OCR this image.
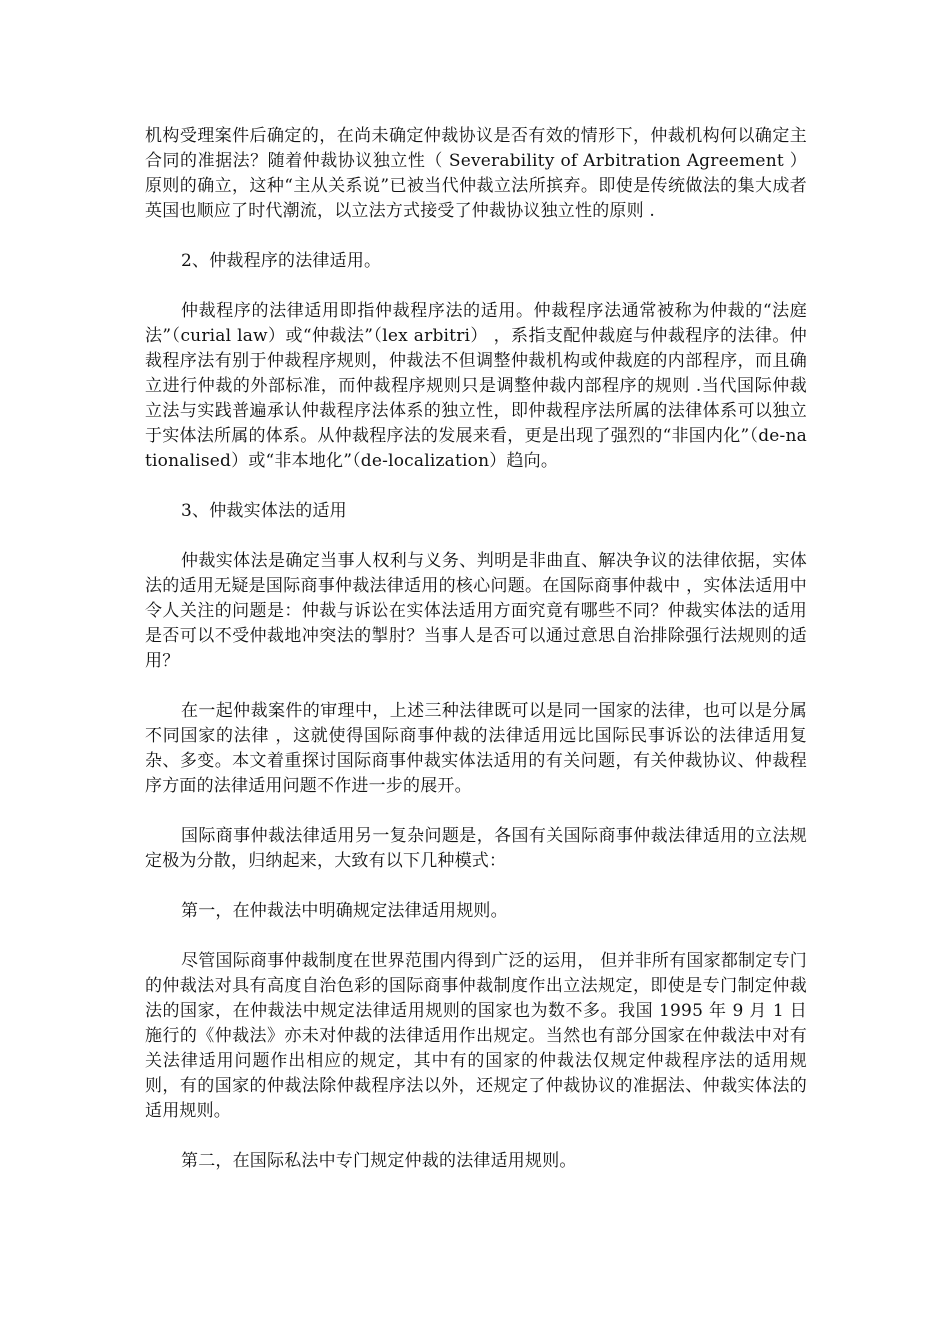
机构受理案件后确定的，在尚未确定仲裁协议是否有效的情形下，仲裁机构何以确定主合同的准据法？随着仲裁协议独立性（ Severability of Arbitration Agreement ）原则的确立，这种“主从关系说”已被当代仲裁立法所摈弃。即使是传统做法的集大成者英国也顺应了时代潮流，以立法方式接受了仲裁协议独立性的原则 .

2、仲裁程序的法律适用。

仲裁程序的法律适用即指仲裁程序法的适用。仲裁程序法通常被称为仲裁的“法庭法”（curial law）或“仲裁法”（lex arbitri） ，系指支配仲裁庭与仲裁程序的法律。仲裁程序法有别于仲裁程序规则，仲裁法不但调整仲裁机构或仲裁庭的内部程序，而且确立进行仲裁的外部标准，而仲裁程序规则只是调整仲裁内部程序的规则 .当代国际仲裁立法与实践普遍承认仲裁程序法体系的独立性，即仲裁程序法所属的法律体系可以独立于实体法所属的体系。从仲裁程序法的发展来看，更是出现了强烈的“非国内化”（de-nationalised）或“非本地化”（de-localization）趋向。

3、仲裁实体法的适用

仲裁实体法是确定当事人权利与义务、判明是非曲直、解决争议的法律依据，实体法的适用无疑是国际商事仲裁法律适用的核心问题。在国际商事仲裁中 ，实体法适用中令人关注的问题是：仲裁与诉讼在实体法适用方面究竟有哪些不同？仲裁实体法的适用是否可以不受仲裁地冲突法的掣肘？当事人是否可以通过意思自治排除强行法规则的适用？

在一起仲裁案件的审理中，上述三种法律既可以是同一国家的法律，也可以是分属不同国家的法律 ，这就使得国际商事仲裁的法律适用远比国际民事诉讼的法律适用复杂、多变。本文着重探讨国际商事仲裁实体法适用的有关问题，有关仲裁协议、仲裁程序方面的法律适用问题不作进一步的展开。

国际商事仲裁法律适用另一复杂问题是，各国有关国际商事仲裁法律适用的立法规定极为分散，归纳起来，大致有以下几种模式：

第一，在仲裁法中明确规定法律适用规则。

尽管国际商事仲裁制度在世界范围内得到广泛的运用， 但并非所有国家都制定专门的仲裁法对具有高度自治色彩的国际商事仲裁制度作出立法规定，即使是专门制定仲裁法的国家，在仲裁法中规定法律适用规则的国家也为数不多。我国 1995 年 9 月 1 日施行的《仲裁法》亦未对仲裁的法律适用作出规定。当然也有部分国家在仲裁法中对有关法律适用问题作出相应的规定，其中有的国家的仲裁法仅规定仲裁程序法的适用规则，有的国家的仲裁法除仲裁程序法以外，还规定了仲裁协议的准据法、仲裁实体法的适用规则。

第二，在国际私法中专门规定仲裁的法律适用规则。
